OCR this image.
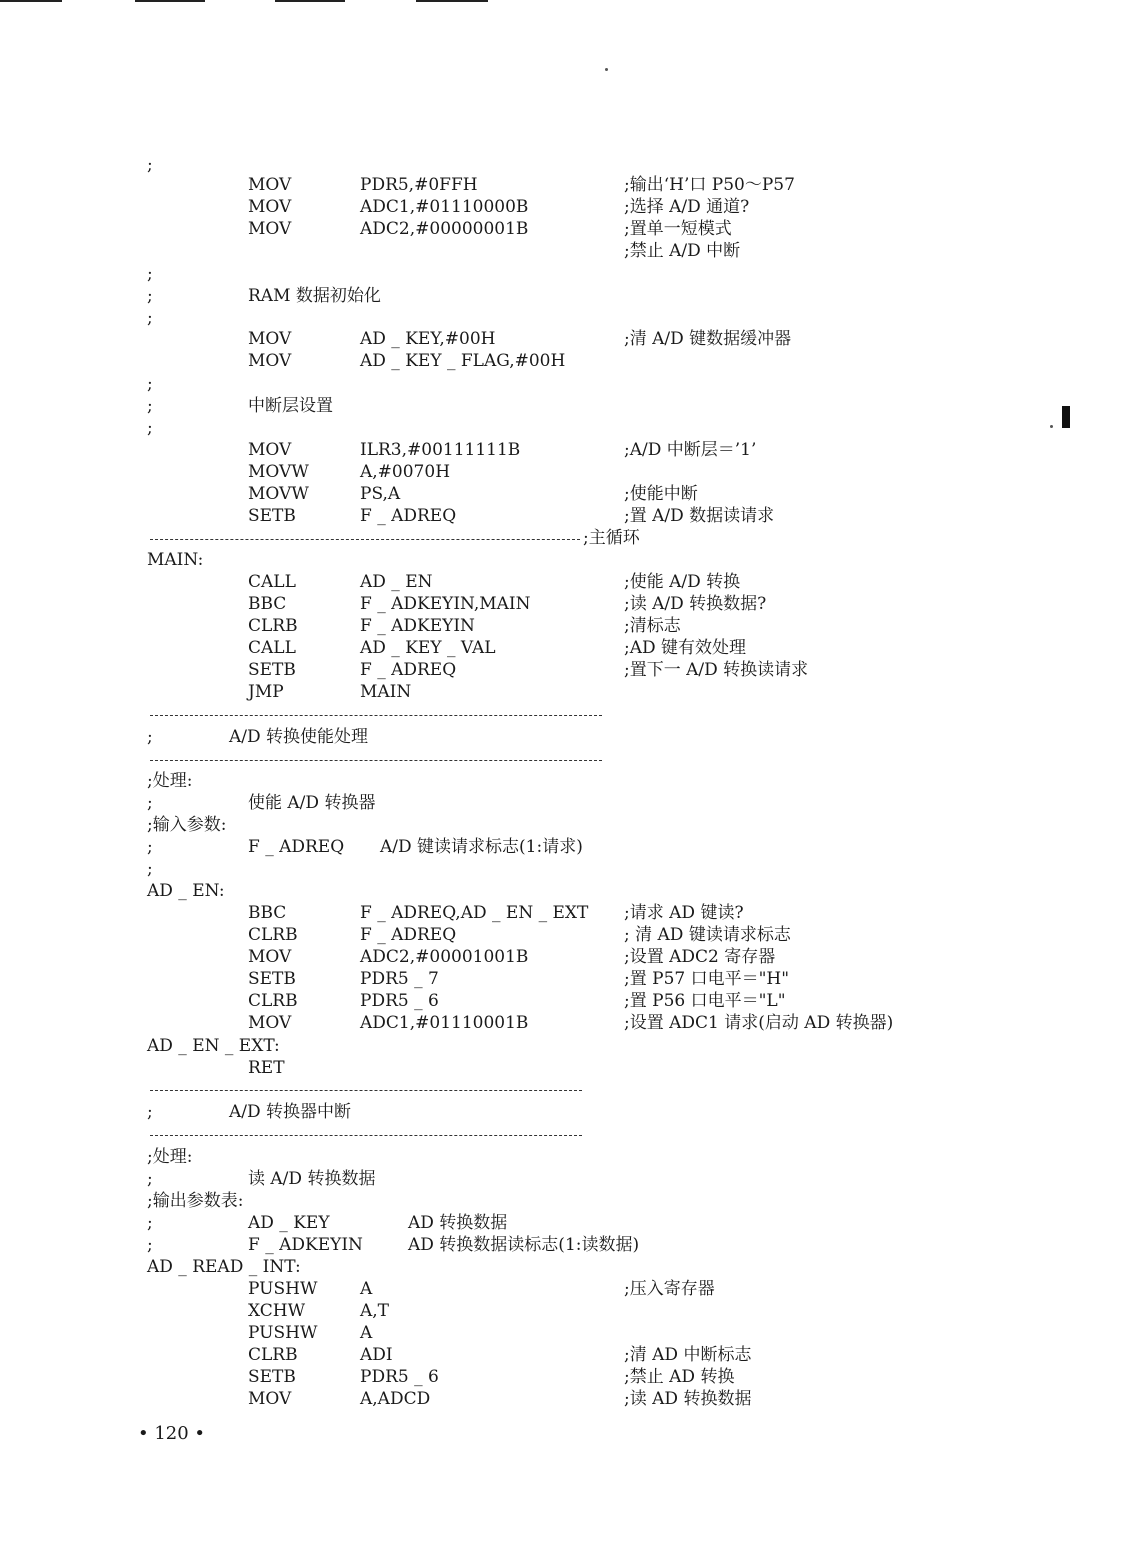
;
MOV	PDR5,#0FFH	;输出‘H’口 P50～P57
MOV	ADC1,#01110000B	;选择 A/D 通道?
MOV	ADC2,#00000001B	;置单一短模式
;禁止 A/D 中断
;
;	RAM 数据初始化
;
MOV	AD _ KEY,#00H	;清 A/D 键数据缓冲器
MOV	AD _ KEY _ FLAG,#00H
;
;	中断层设置
;
MOV	ILR3,#00111111B	;A/D 中断层＝’1’
MOVW	A,#0070H
MOVW	PS,A	;使能中断
SETB	F _ ADREQ	;置 A/D 数据读请求
MAIN:
CALL	AD _ EN	;使能 A/D 转换
BBC	F _ ADKEYIN,MAIN	;读 A/D 转换数据?
CLRB	F _ ADKEYIN	;清标志
CALL	AD _ KEY _ VAL	;AD 键有效处理
SETB	F _ ADREQ	;置下一 A/D 转换读请求
JMP	MAIN
;	A/D 转换使能处理
;处理:
;	使能 A/D 转换器
;输入参数:
;	F _ ADREQ A/D 键读请求标志(1:请求)
;
AD _ EN:
BBC	F _ ADREQ,AD _ EN _ EXT ;请求 AD 键读?
CLRB	F _ ADREQ	; 清 AD 键读请求标志
MOV	ADC2,#00001001B	;设置 ADC2 寄存器
SETB	PDR5 _ 7	;置 P57 口电平＝"H"
CLRB	PDR5 _ 6	;置 P56 口电平＝"L"
MOV	ADC1,#01110001B	;设置 ADC1 请求(启动 AD 转换器)
AD _ EN _ EXT:
RET
;	A/D 转换器中断
;处理:
;	读 A/D 转换数据
;输出参数表:
;	AD _ KEY	AD 转换数据
;	F _ ADKEYIN	AD 转换数据读标志(1:读数据)
AD _ READ _ INT:
PUSHW	A	;压入寄存器
XCHW	A,T
PUSHW	A
CLRB	ADI	;清 AD 中断标志
SETB	PDR5 _ 6	;禁止 AD 转换
MOV	A,ADCD	;读 AD 转换数据
;主循环
• 120 •
